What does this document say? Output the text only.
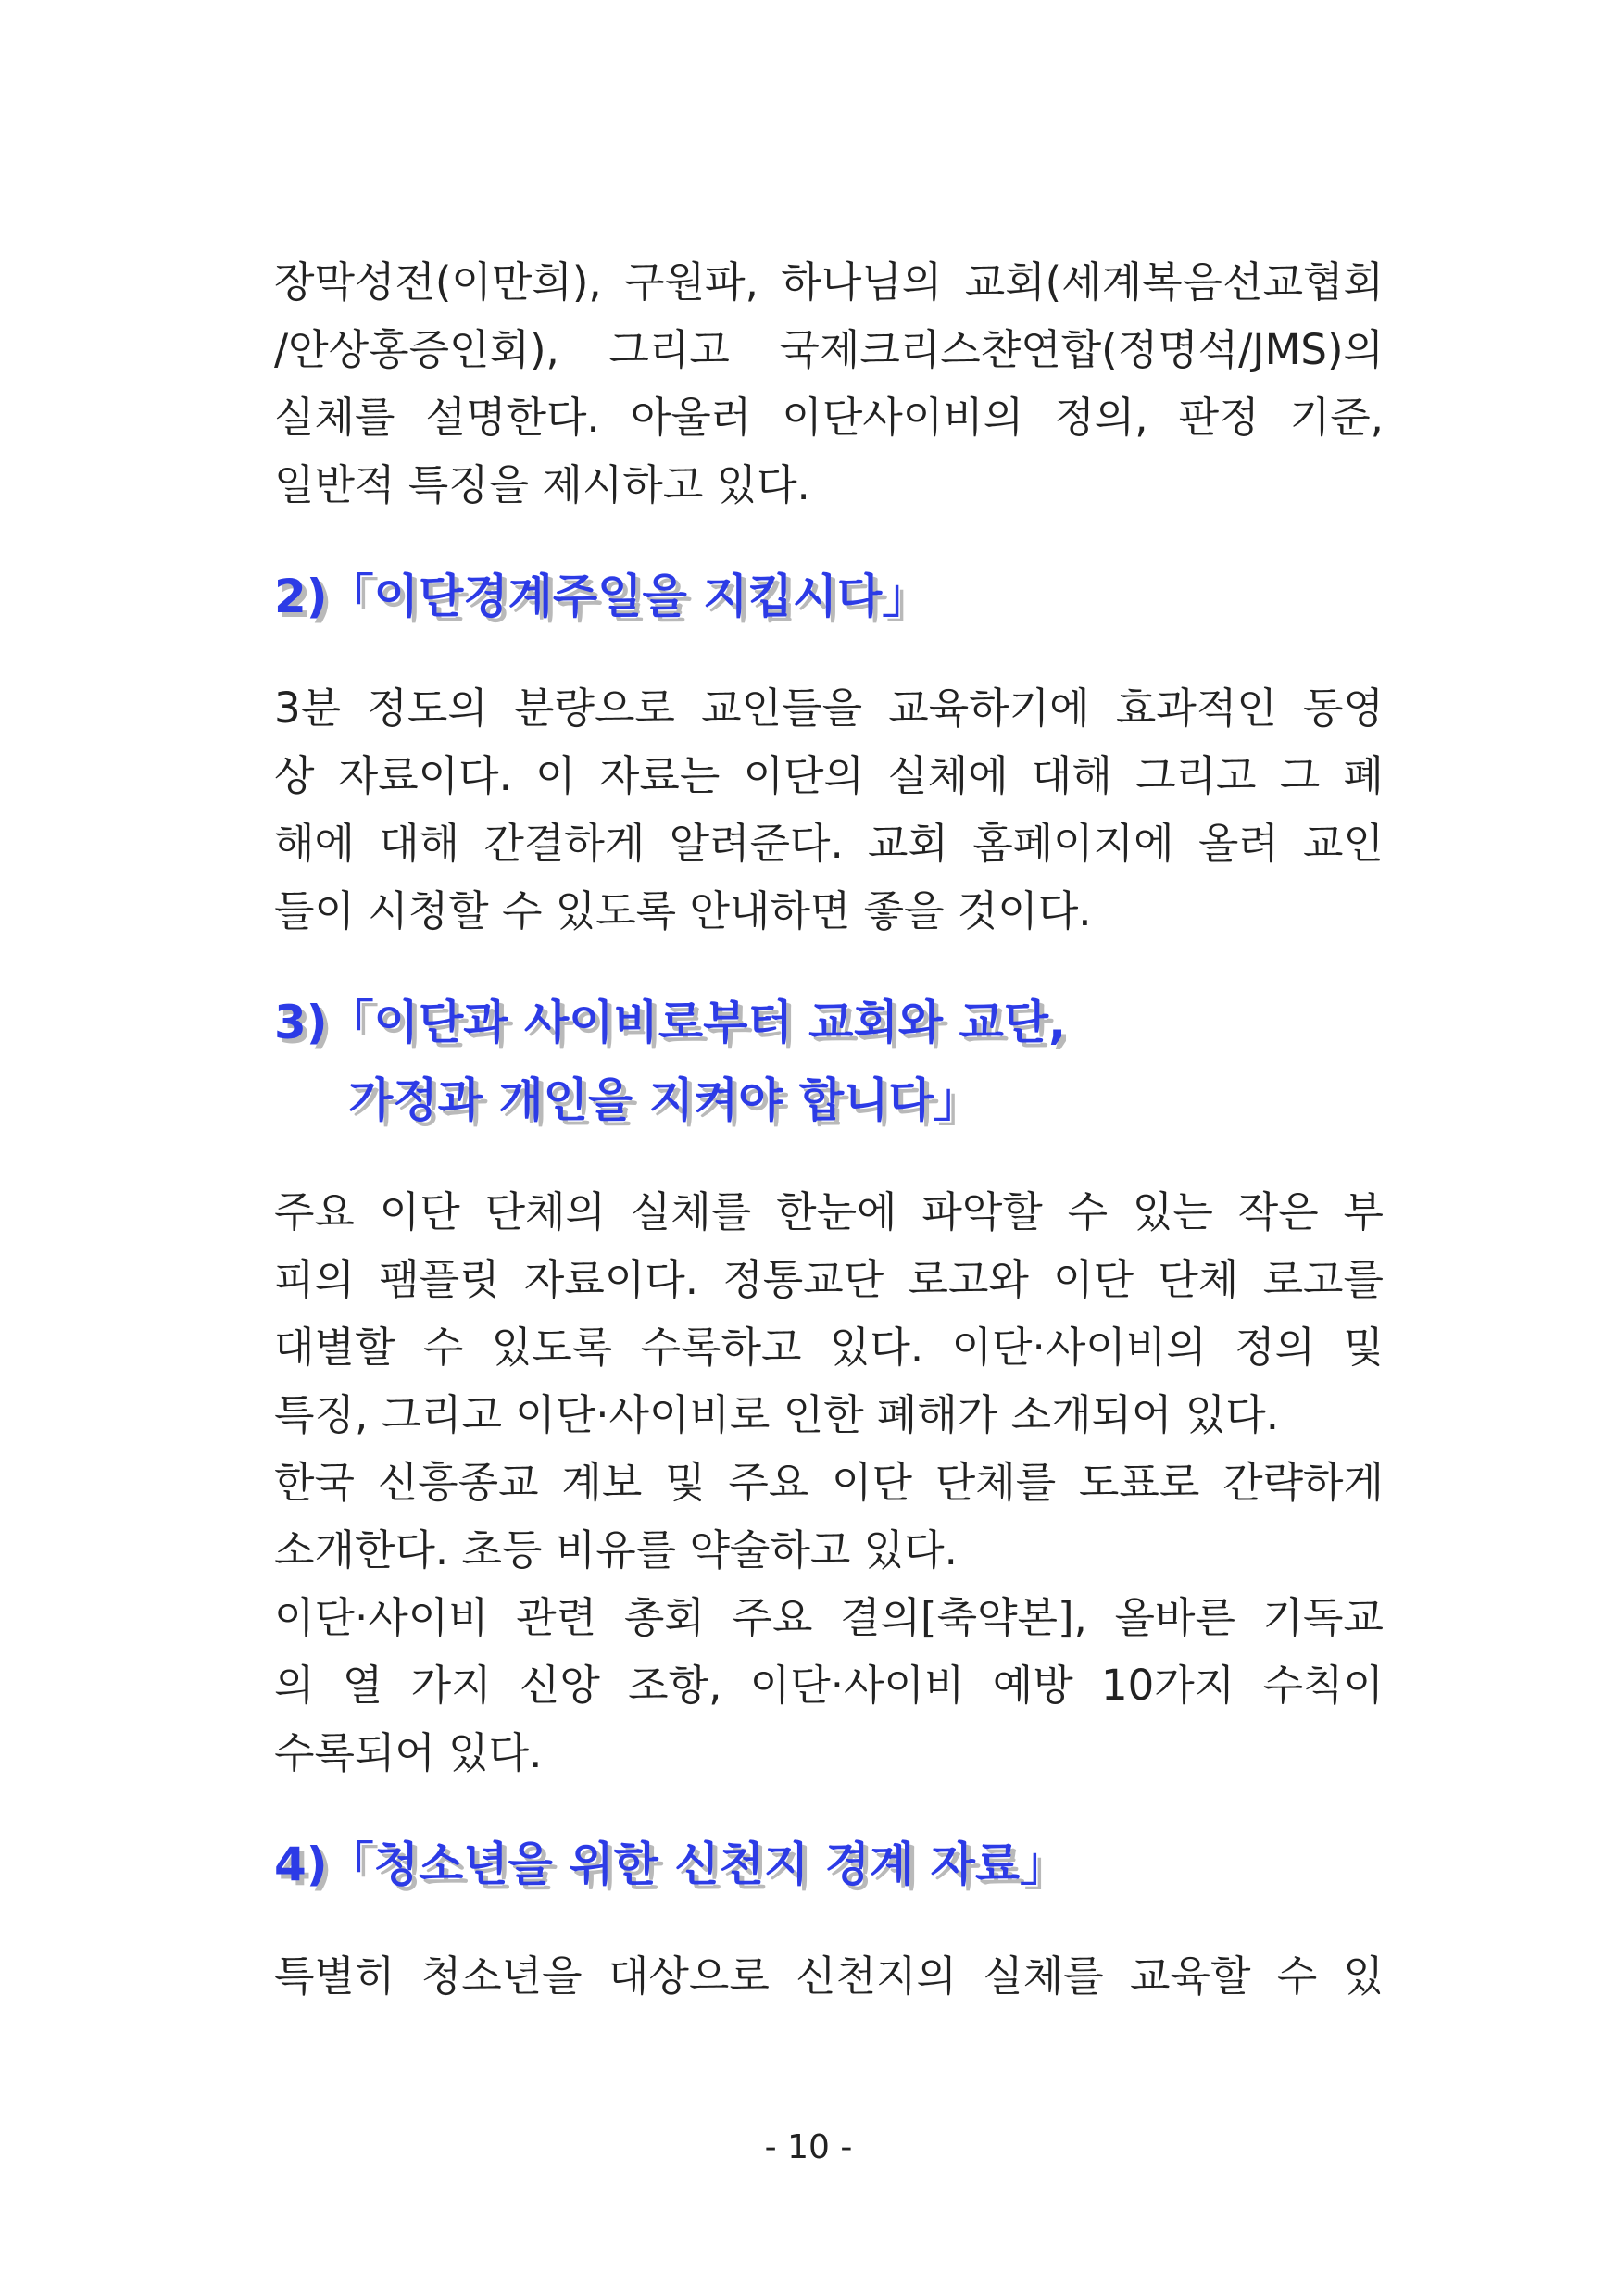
장막성전(이만희), 구원파, 하나님의 교회(세계복음선교협회
/안상홍증인회), 그리고 국제크리스챤연합(정명석/JMS)의
실체를 설명한다. 아울러 이단사이비의 정의, 판정 기준,
일반적 특징을 제시하고 있다.
2)「이단경계주일을 지킵시다」
3분 정도의 분량으로 교인들을 교육하기에 효과적인 동영
상 자료이다. 이 자료는 이단의 실체에 대해 그리고 그 폐
해에 대해 간결하게 알려준다. 교회 홈페이지에 올려 교인
들이 시청할 수 있도록 안내하면 좋을 것이다.
3)「이단과 사이비로부터 교회와 교단,
가정과 개인을 지켜야 합니다」
주요 이단 단체의 실체를 한눈에 파악할 수 있는 작은 부
피의 팸플릿 자료이다. 정통교단 로고와 이단 단체 로고를
대별할 수 있도록 수록하고 있다. 이단·사이비의 정의 및
특징, 그리고 이단·사이비로 인한 폐해가 소개되어 있다.
한국 신흥종교 계보 및 주요 이단 단체를 도표로 간략하게
소개한다. 초등 비유를 약술하고 있다.
이단·사이비 관련 총회 주요 결의[축약본], 올바른 기독교
의 열 가지 신앙 조항, 이단·사이비 예방 10가지 수칙이
수록되어 있다.
4)「청소년을 위한 신천지 경계 자료」
특별히 청소년을 대상으로 신천지의 실체를 교육할 수 있
- 10 -
